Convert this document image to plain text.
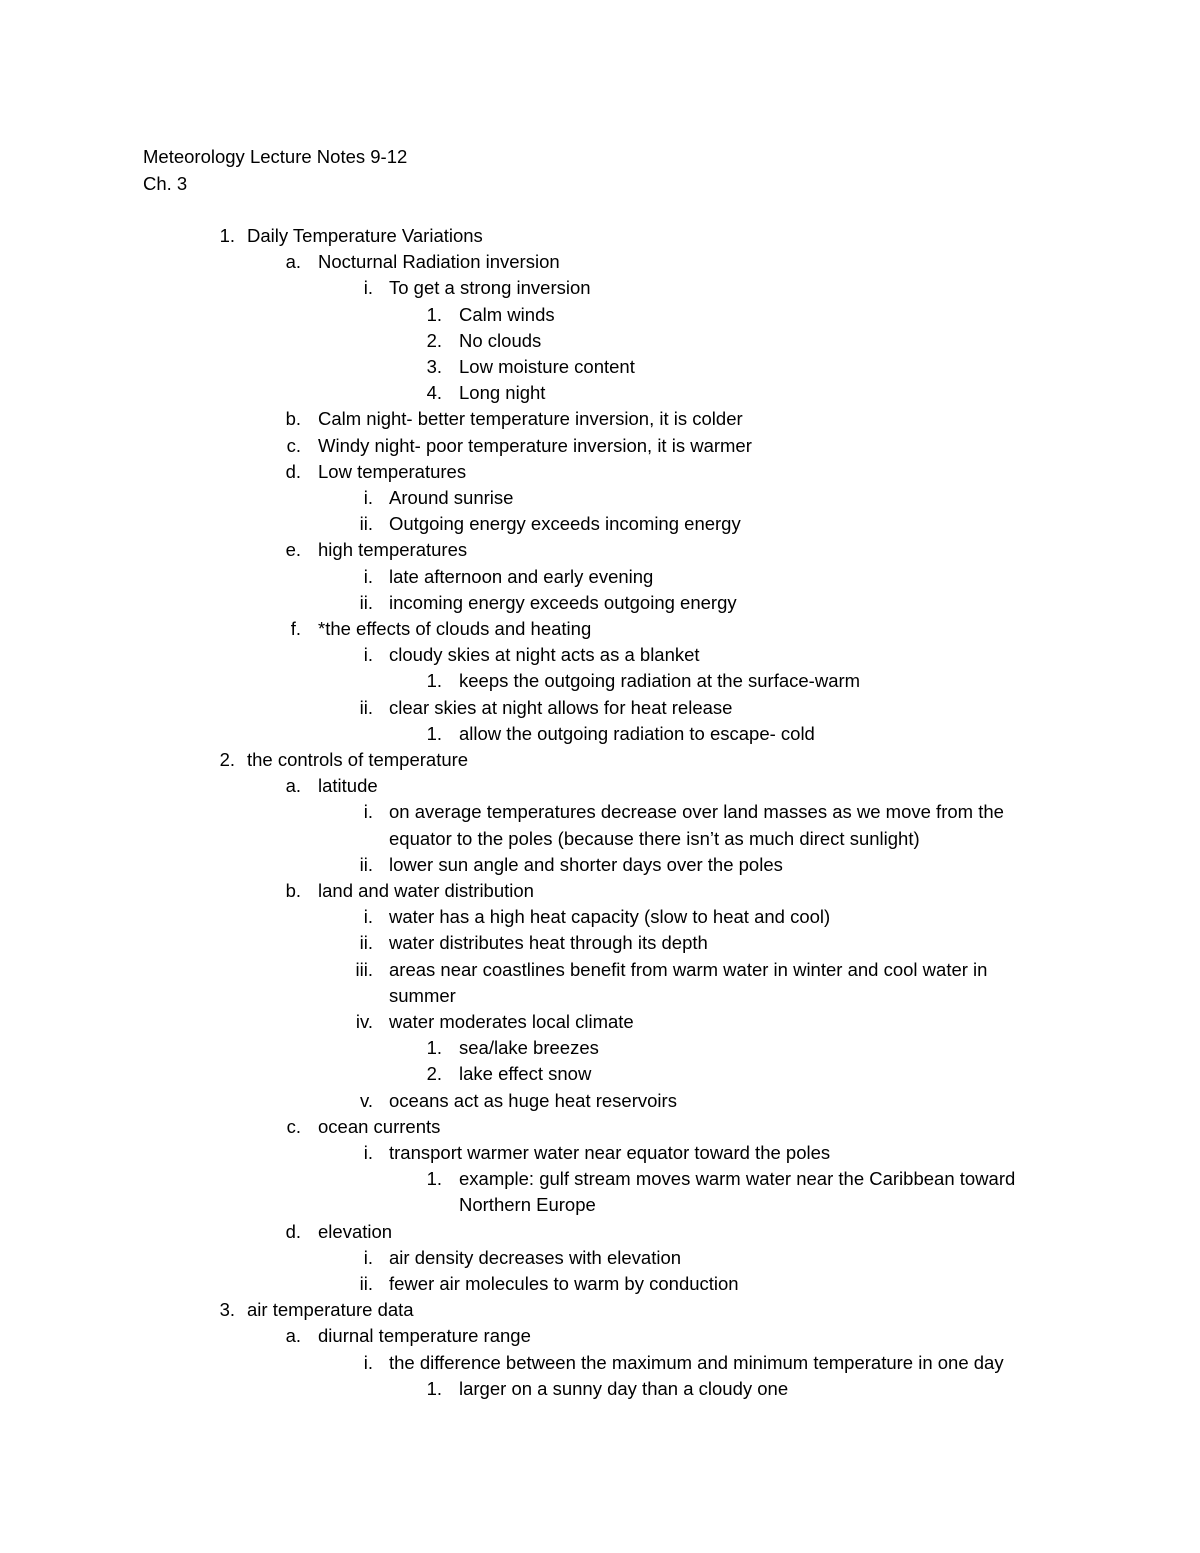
Meteorology Lecture Notes 9-12
Ch. 3
1. Daily Temperature Variations
a. Nocturnal Radiation inversion
i. To get a strong inversion
1. Calm winds
2. No clouds
3. Low moisture content
4. Long night
b. Calm night- better temperature inversion, it is colder
c. Windy night- poor temperature inversion, it is warmer
d. Low temperatures
i. Around sunrise
ii. Outgoing energy exceeds incoming energy
e. high temperatures
i. late afternoon and early evening
ii. incoming energy exceeds outgoing energy
f. *the effects of clouds and heating
i. cloudy skies at night acts as a blanket
1. keeps the outgoing radiation at the surface-warm
ii. clear skies at night allows for heat release
1. allow the outgoing radiation to escape- cold
2. the controls of temperature
a. latitude
i. on average temperatures decrease over land masses as we move from the
equator to the poles (because there isn’t as much direct sunlight)
ii. lower sun angle and shorter days over the poles
b. land and water distribution
i. water has a high heat capacity (slow to heat and cool)
ii. water distributes heat through its depth
iii. areas near coastlines benefit from warm water in winter and cool water in
summer
iv. water moderates local climate
1. sea/lake breezes
2. lake effect snow
v. oceans act as huge heat reservoirs
c. ocean currents
i. transport warmer water near equator toward the poles
1. example: gulf stream moves warm water near the Caribbean toward
Northern Europe
d. elevation
i. air density decreases with elevation
ii. fewer air molecules to warm by conduction
3. air temperature data
a. diurnal temperature range
i. the difference between the maximum and minimum temperature in one day
1. larger on a sunny day than a cloudy one
